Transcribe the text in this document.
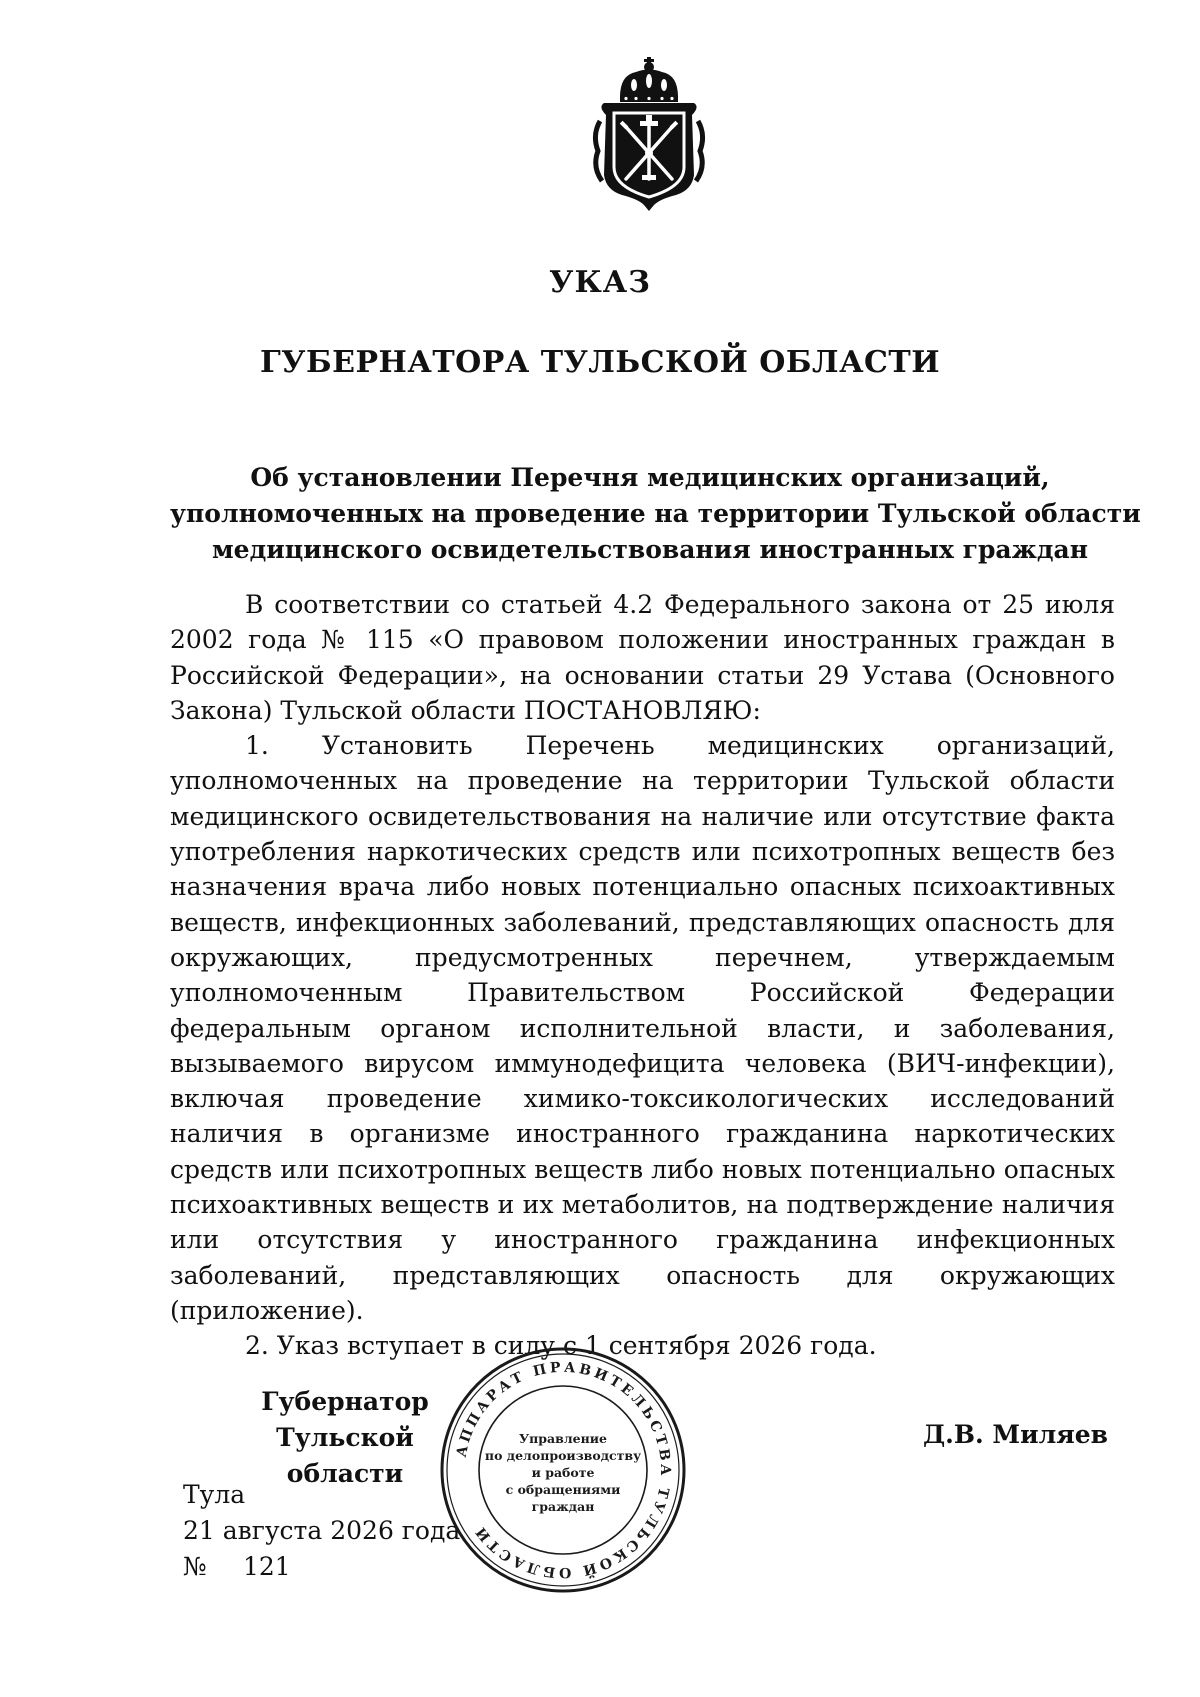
УКАЗ
ГУБЕРНАТОРА ТУЛЬСКОЙ ОБЛАСТИ
Об установлении Перечня медицинских организаций,
уполномоченных на проведение на территории Тульской области
медицинского освидетельствования иностранных граждан

В соответствии со статьей 4.2 Федерального закона от 25 июля 2002 года № 115 «О правовом положении иностранных граждан в Российской Федерации», на основании статьи 29 Устава (Основного Закона) Тульской области ПОСТАНОВЛЯЮ:

1. Установить Перечень медицинских организаций, уполномоченных на проведение на территории Тульской области медицинского освидетельствования на наличие или отсутствие факта употребления наркотических средств или психотропных веществ без назначения врача либо новых потенциально опасных психоактивных веществ, инфекционных заболеваний, представляющих опасность для окружающих, предусмотренных перечнем, утверждаемым уполномоченным Правительством Российской Федерации федеральным органом исполнительной власти, и заболевания, вызываемого вирусом иммунодефицита человека (ВИЧ-инфекции), включая проведение химико-токсикологических исследований наличия в организме иностранного гражданина наркотических средств или психотропных веществ либо новых потенциально опасных психоактивных веществ и их метаболитов, на подтверждение наличия или отсутствия у иностранного гражданина инфекционных заболеваний, представляющих опасность для окружающих (приложение).

2. Указ вступает в силу с 1 сентября 2026 года.

Губернатор
Тульской области
Д.В. Миляев
Тула
21 августа 2026 года
№ 121
АППАРАТ ПРАВИТЕЛЬСТВА ТУЛЬСКОЙ ОБЛАСТИ
Управление
по делопроизводству
и работе
с обращениями
граждан
